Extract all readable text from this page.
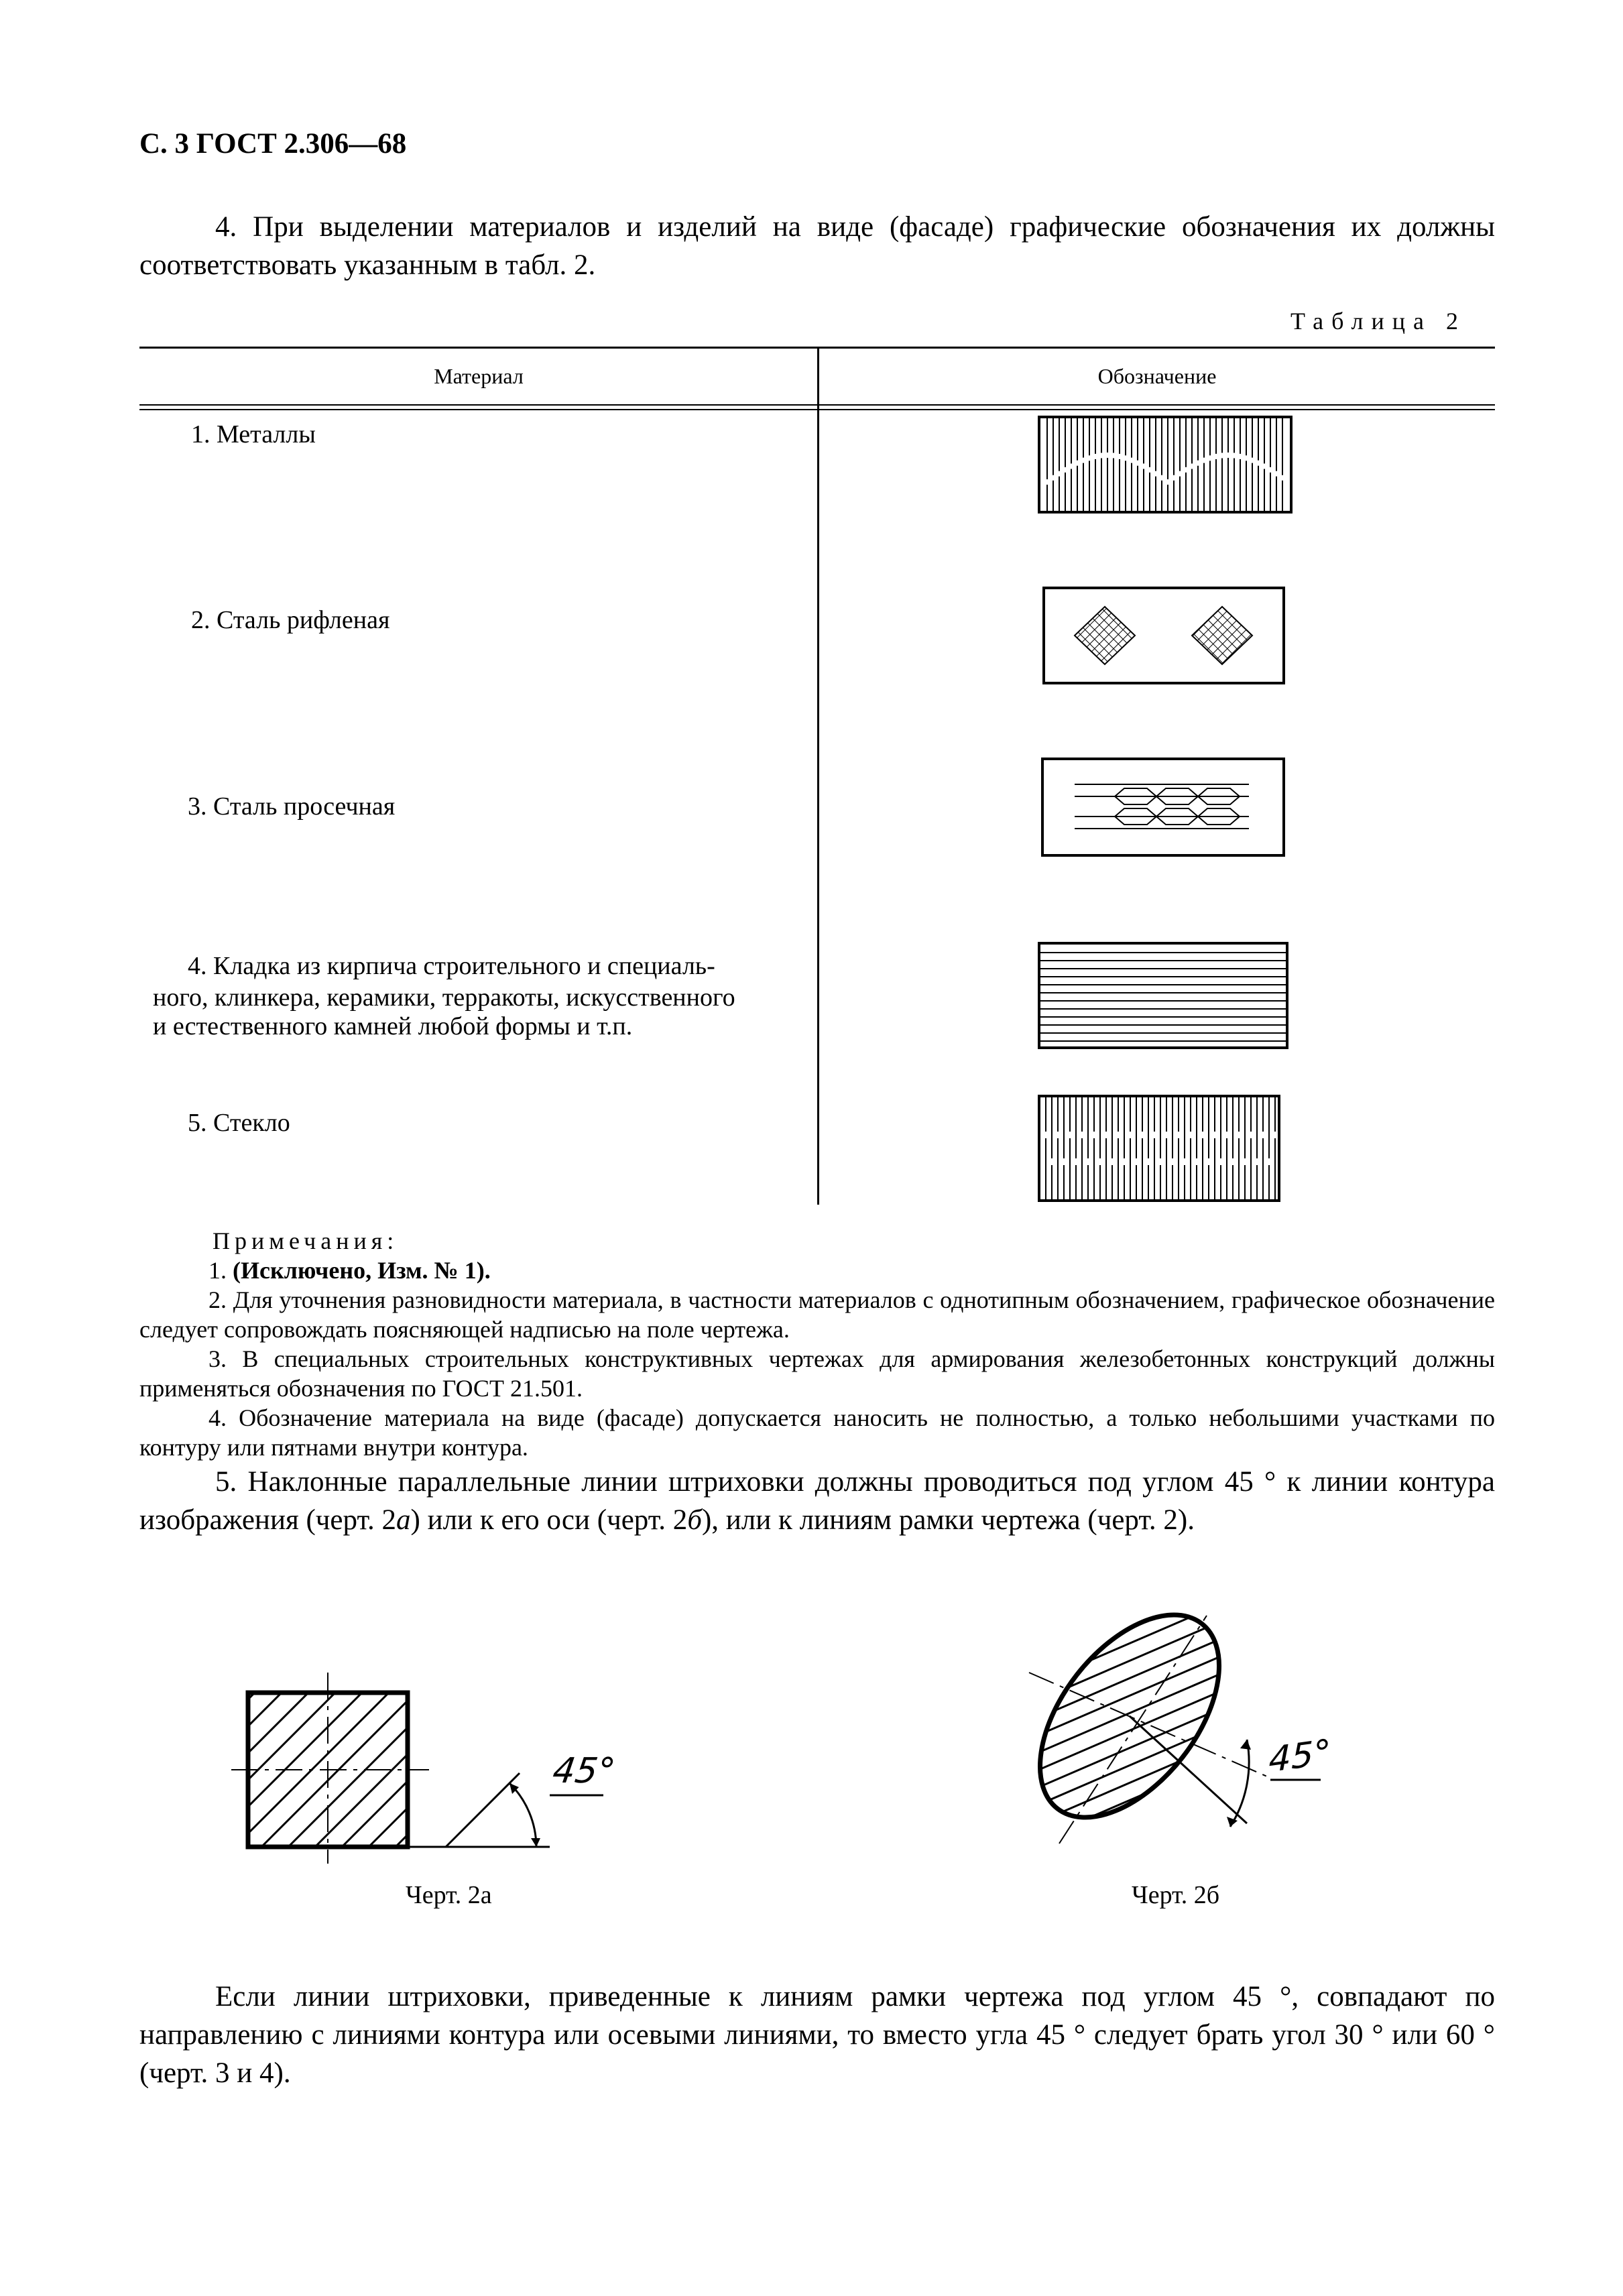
С. 3 ГОСТ 2.306—68
4. При выделении материалов и изделий на виде (фасаде) графические обозначения их должны соответствовать указанным в табл. 2.
Таблица 2
Материал	Обозначение
1. Металлы
2. Сталь рифленая
3. Сталь просечная
4. Кладка из кирпича строительного и специаль-
ного, клинкера, керамики, терракоты, искусственного
и естественного камней любой формы и т.п.
5. Стекло
Примечания:

1. (Исключено, Изм. № 1).

2. Для уточнения разновидности материала, в частности материалов с однотипным обозначением, графическое обозначение следует сопровождать поясняющей надписью на поле чертежа.

3. В специальных строительных конструктивных чертежах для армирования железобетонных конструкций должны применяться обозначения по ГОСТ 21.501.

4. Обозначение материала на виде (фасаде) допускается наносить не полностью, а только небольшими участками по контуру или пятнами внутри контура.

5. Наклонные параллельные линии штриховки должны проводиться под углом 45 ° к линии контура изображения (черт. 2а) или к его оси (черт. 2б), или к линиям рамки чертежа (черт. 2).
45°
Черт. 2а
45°
Черт. 2б
Если линии штриховки, приведенные к линиям рамки чертежа под углом 45 °, совпадают по направлению с линиями контура или осевыми линиями, то вместо угла 45 ° следует брать угол 30 ° или 60 ° (черт. 3 и 4).
